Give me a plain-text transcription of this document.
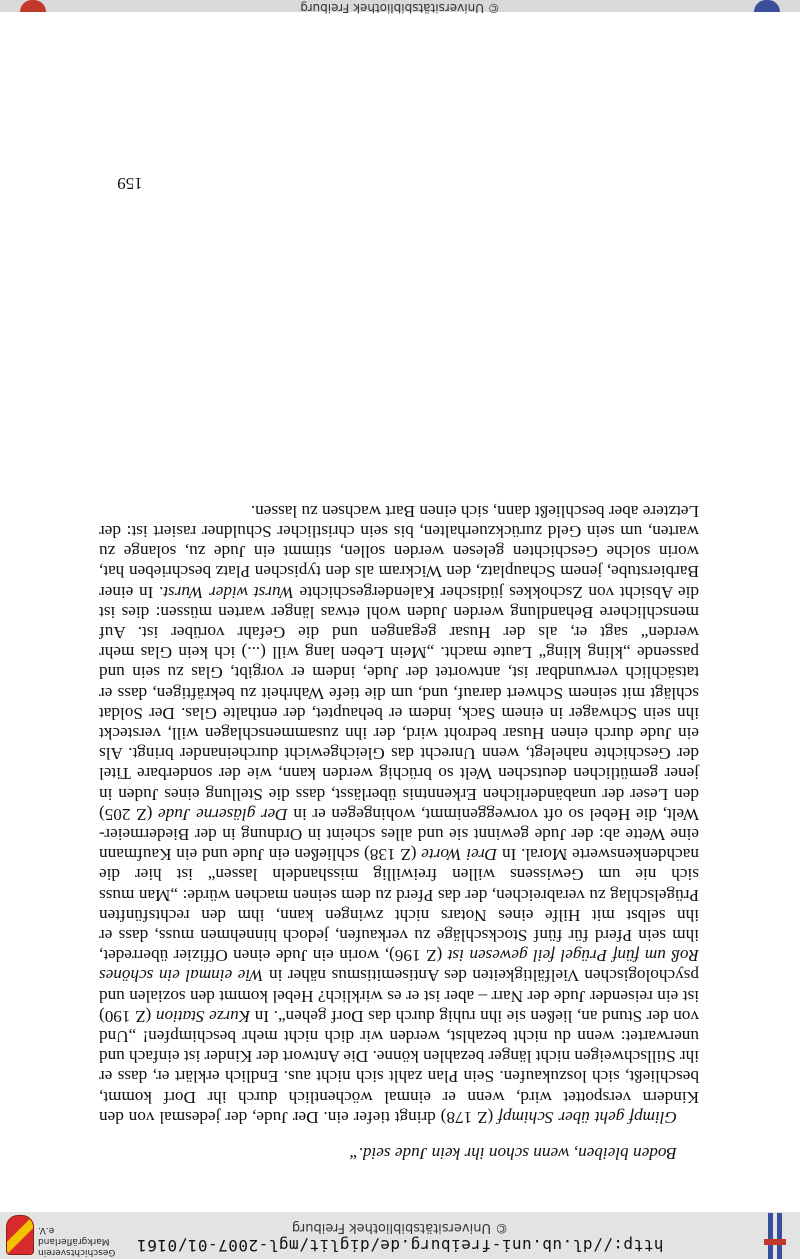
http://dl.ub.uni-freiburg.de/diglit/mgl-2007-01/0161
© Universitätsbibliothek Freiburg
Geschichtsverein
Markgräflerland e.V.

Boden bleiben, wenn schon ihr kein Jude seid.“

Glimpf geht über Schimpf (Z 178) dringt tiefer ein. Der Jude, der jedesmal von den Kindern verspottet wird, wenn er einmal wöchentlich durch ihr Dorf kommt, beschließt, sich loszukaufen. Sein Plan zahlt sich nicht aus. Endlich erklärt er, dass er ihr Stillschweigen nicht länger bezahlen könne. Die Antwort der Kinder ist einfach und unerwartet: wenn du nicht bezahlst, werden wir dich nicht mehr beschimpfen! „Und von der Stund an, ließen sie ihn ruhig durch das Dorf gehen“. In Kurze Station (Z 190) ist ein reisender Jude der Narr – aber ist er es wirklich? Hebel kommt den sozialen und psychologischen Vielfältigkeiten des Antisemitismus näher in Wie einmal ein schönes Roß um fünf Prügel feil gewesen ist (Z 196), worin ein Jude einen Offizier überredet, ihm sein Pferd für fünf Stockschläge zu verkaufen, jedoch hinnehmen muss, dass er ihn selbst mit Hilfe eines Notars nicht zwingen kann, ihm den rechtsfünften Prügelschlag zu verabreichen, der das Pferd zu dem seinen machen würde: „Man muss sich nie um Gewissens willen freiwillig misshandeln lassen“ ist hier die nachdenkenswerte Moral. In Drei Worte (Z 138) schließen ein Jude und ein Kaufmann eine Wette ab: der Jude gewinnt sie und alles scheint in Ordnung in der Biedermeier-Welt, die Hebel so oft vorweggenimmt, wohingegen er in Der gläserne Jude (Z 205) den Leser der unabänderlichen Erkenntnis überlässt, dass die Stellung eines Juden in jener gemütlichen deutschen Welt so brüchig werden kann, wie der sonderbare Titel der Geschichte nahelegt, wenn Unrecht das Gleichgewicht durcheinander bringt. Als ein Jude durch einen Husar bedroht wird, der ihn zusammenschlagen will, versteckt ihn sein Schwager in einem Sack, indem er behauptet, der enthalte Glas. Der Soldat schlägt mit seinem Schwert darauf, und, um die tiefe Wahrheit zu bekräftigen, dass er tatsächlich verwundbar ist, antwortet der Jude, indem er vorgibt, Glas zu sein und passende „kling kling“ Laute macht. „Mein Leben lang will (...) ich kein Glas mehr werden“ sagt er, als der Husar gegangen und die Gefahr vorüber ist. Auf menschlichere Behandlung werden Juden wohl etwas länger warten müssen: dies ist die Absicht von Zschokkes jüdischer Kalendergeschichte Wurst wider Wurst. In einer Barbierstube, jenem Schauplatz, den Wickram als den typischen Platz beschrieben hat, worin solche Geschichten gelesen werden sollen, stimmt ein Jude zu, solange zu warten, um sein Geld zurückzuerhalten, bis sein christlicher Schuldner rasiert ist: der Letztere aber beschließt dann, sich einen Bart wachsen zu lassen.

159
© Universitätsbibliothek Freiburg
